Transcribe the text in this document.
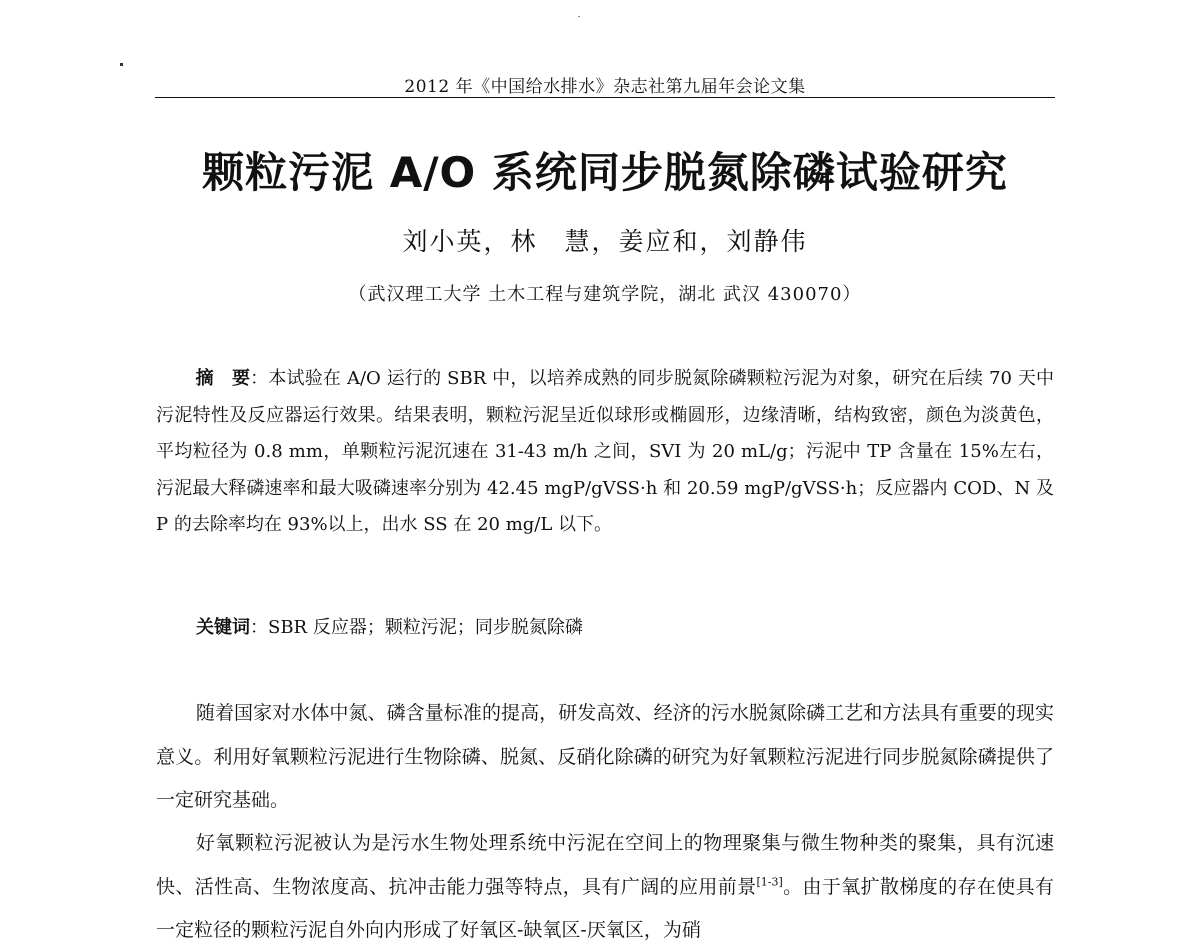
2012 年《中国给水排水》杂志社第九届年会论文集
颗粒污泥 A/O 系统同步脱氮除磷试验研究
刘小英，林　慧，姜应和，刘静伟
（武汉理工大学 土木工程与建筑学院，湖北 武汉 430070）
摘　要：本试验在 A/O 运行的 SBR 中，以培养成熟的同步脱氮除磷颗粒污泥为对象，研究在后续 70 天中污泥特性及反应器运行效果。结果表明，颗粒污泥呈近似球形或椭圆形，边缘清晰，结构致密，颜色为淡黄色，平均粒径为 0.8 mm，单颗粒污泥沉速在 31-43 m/h 之间，SVI 为 20 mL/g；污泥中 TP 含量在 15%左右，污泥最大释磷速率和最大吸磷速率分别为 42.45 mgP/gVSS·h 和 20.59 mgP/gVSS·h；反应器内 COD、N 及 P 的去除率均在 93%以上，出水 SS 在 20 mg/L 以下。
关键词：SBR 反应器；颗粒污泥；同步脱氮除磷
随着国家对水体中氮、磷含量标准的提高，研发高效、经济的污水脱氮除磷工艺和方法具有重要的现实意义。利用好氧颗粒污泥进行生物除磷、脱氮、反硝化除磷的研究为好氧颗粒污泥进行同步脱氮除磷提供了一定研究基础。
好氧颗粒污泥被认为是污水生物处理系统中污泥在空间上的物理聚集与微生物种类的聚集，具有沉速快、活性高、生物浓度高、抗冲击能力强等特点，具有广阔的应用前景[1-3]。由于氧扩散梯度的存在使具有一定粒径的颗粒污泥自外向内形成了好氧区-缺氧区-厌氧区，为硝
